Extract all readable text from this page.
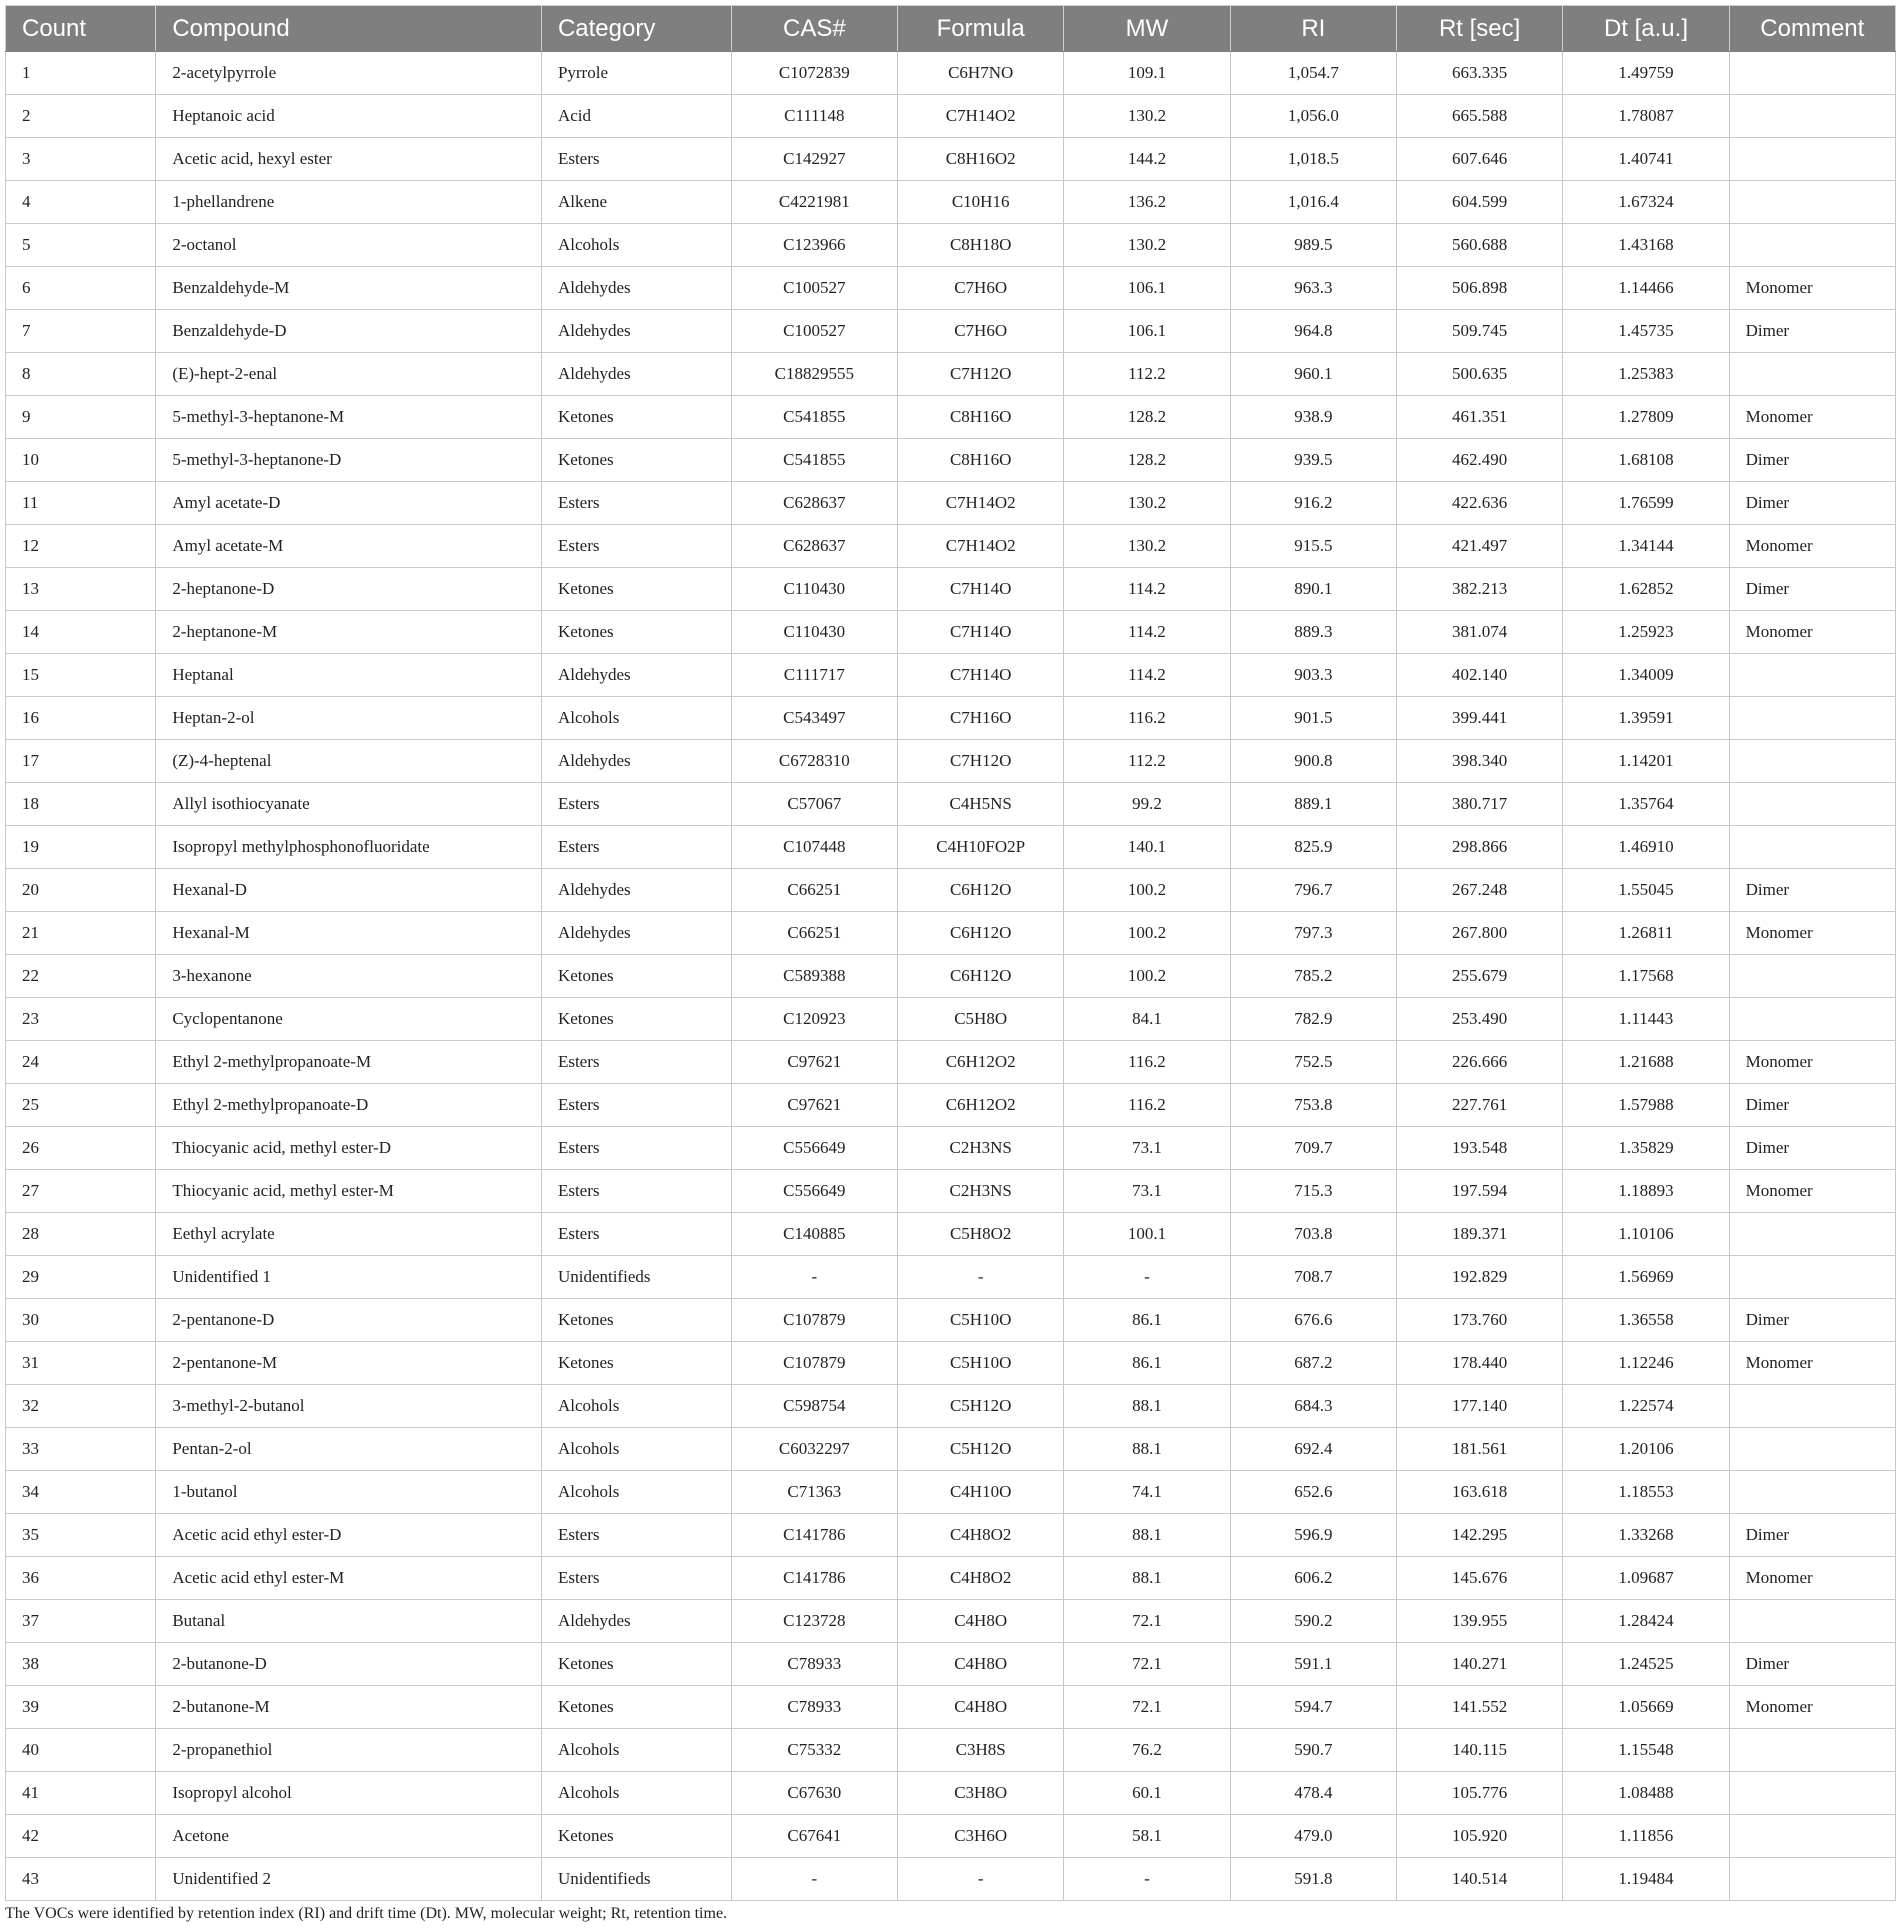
Count	Compound	Category	CAS#	Formula	MW	RI	Rt [sec]	Dt [a.u.]	Comment
1	2-acetylpyrrole	Pyrrole	C1072839	C6H7NO	109.1	1,054.7	663.335	1.49759	
2	Heptanoic acid	Acid	C111148	C7H14O2	130.2	1,056.0	665.588	1.78087	
3	Acetic acid, hexyl ester	Esters	C142927	C8H16O2	144.2	1,018.5	607.646	1.40741	
4	1-phellandrene	Alkene	C4221981	C10H16	136.2	1,016.4	604.599	1.67324	
5	2-octanol	Alcohols	C123966	C8H18O	130.2	989.5	560.688	1.43168	
6	Benzaldehyde-M	Aldehydes	C100527	C7H6O	106.1	963.3	506.898	1.14466	Monomer
7	Benzaldehyde-D	Aldehydes	C100527	C7H6O	106.1	964.8	509.745	1.45735	Dimer
8	(E)-hept-2-enal	Aldehydes	C18829555	C7H12O	112.2	960.1	500.635	1.25383	
9	5-methyl-3-heptanone-M	Ketones	C541855	C8H16O	128.2	938.9	461.351	1.27809	Monomer
10	5-methyl-3-heptanone-D	Ketones	C541855	C8H16O	128.2	939.5	462.490	1.68108	Dimer
11	Amyl acetate-D	Esters	C628637	C7H14O2	130.2	916.2	422.636	1.76599	Dimer
12	Amyl acetate-M	Esters	C628637	C7H14O2	130.2	915.5	421.497	1.34144	Monomer
13	2-heptanone-D	Ketones	C110430	C7H14O	114.2	890.1	382.213	1.62852	Dimer
14	2-heptanone-M	Ketones	C110430	C7H14O	114.2	889.3	381.074	1.25923	Monomer
15	Heptanal	Aldehydes	C111717	C7H14O	114.2	903.3	402.140	1.34009	
16	Heptan-2-ol	Alcohols	C543497	C7H16O	116.2	901.5	399.441	1.39591	
17	(Z)-4-heptenal	Aldehydes	C6728310	C7H12O	112.2	900.8	398.340	1.14201	
18	Allyl isothiocyanate	Esters	C57067	C4H5NS	99.2	889.1	380.717	1.35764	
19	Isopropyl methylphosphonofluoridate	Esters	C107448	C4H10FO2P	140.1	825.9	298.866	1.46910	
20	Hexanal-D	Aldehydes	C66251	C6H12O	100.2	796.7	267.248	1.55045	Dimer
21	Hexanal-M	Aldehydes	C66251	C6H12O	100.2	797.3	267.800	1.26811	Monomer
22	3-hexanone	Ketones	C589388	C6H12O	100.2	785.2	255.679	1.17568	
23	Cyclopentanone	Ketones	C120923	C5H8O	84.1	782.9	253.490	1.11443	
24	Ethyl 2-methylpropanoate-M	Esters	C97621	C6H12O2	116.2	752.5	226.666	1.21688	Monomer
25	Ethyl 2-methylpropanoate-D	Esters	C97621	C6H12O2	116.2	753.8	227.761	1.57988	Dimer
26	Thiocyanic acid, methyl ester-D	Esters	C556649	C2H3NS	73.1	709.7	193.548	1.35829	Dimer
27	Thiocyanic acid, methyl ester-M	Esters	C556649	C2H3NS	73.1	715.3	197.594	1.18893	Monomer
28	Eethyl acrylate	Esters	C140885	C5H8O2	100.1	703.8	189.371	1.10106	
29	Unidentified 1	Unidentifieds	-	-	-	708.7	192.829	1.56969	
30	2-pentanone-D	Ketones	C107879	C5H10O	86.1	676.6	173.760	1.36558	Dimer
31	2-pentanone-M	Ketones	C107879	C5H10O	86.1	687.2	178.440	1.12246	Monomer
32	3-methyl-2-butanol	Alcohols	C598754	C5H12O	88.1	684.3	177.140	1.22574	
33	Pentan-2-ol	Alcohols	C6032297	C5H12O	88.1	692.4	181.561	1.20106	
34	1-butanol	Alcohols	C71363	C4H10O	74.1	652.6	163.618	1.18553	
35	Acetic acid ethyl ester-D	Esters	C141786	C4H8O2	88.1	596.9	142.295	1.33268	Dimer
36	Acetic acid ethyl ester-M	Esters	C141786	C4H8O2	88.1	606.2	145.676	1.09687	Monomer
37	Butanal	Aldehydes	C123728	C4H8O	72.1	590.2	139.955	1.28424	
38	2-butanone-D	Ketones	C78933	C4H8O	72.1	591.1	140.271	1.24525	Dimer
39	2-butanone-M	Ketones	C78933	C4H8O	72.1	594.7	141.552	1.05669	Monomer
40	2-propanethiol	Alcohols	C75332	C3H8S	76.2	590.7	140.115	1.15548	
41	Isopropyl alcohol	Alcohols	C67630	C3H8O	60.1	478.4	105.776	1.08488	
42	Acetone	Ketones	C67641	C3H6O	58.1	479.0	105.920	1.11856	
43	Unidentified 2	Unidentifieds	-	-	-	591.8	140.514	1.19484	
The VOCs were identified by retention index (RI) and drift time (Dt). MW, molecular weight; Rt, retention time.
